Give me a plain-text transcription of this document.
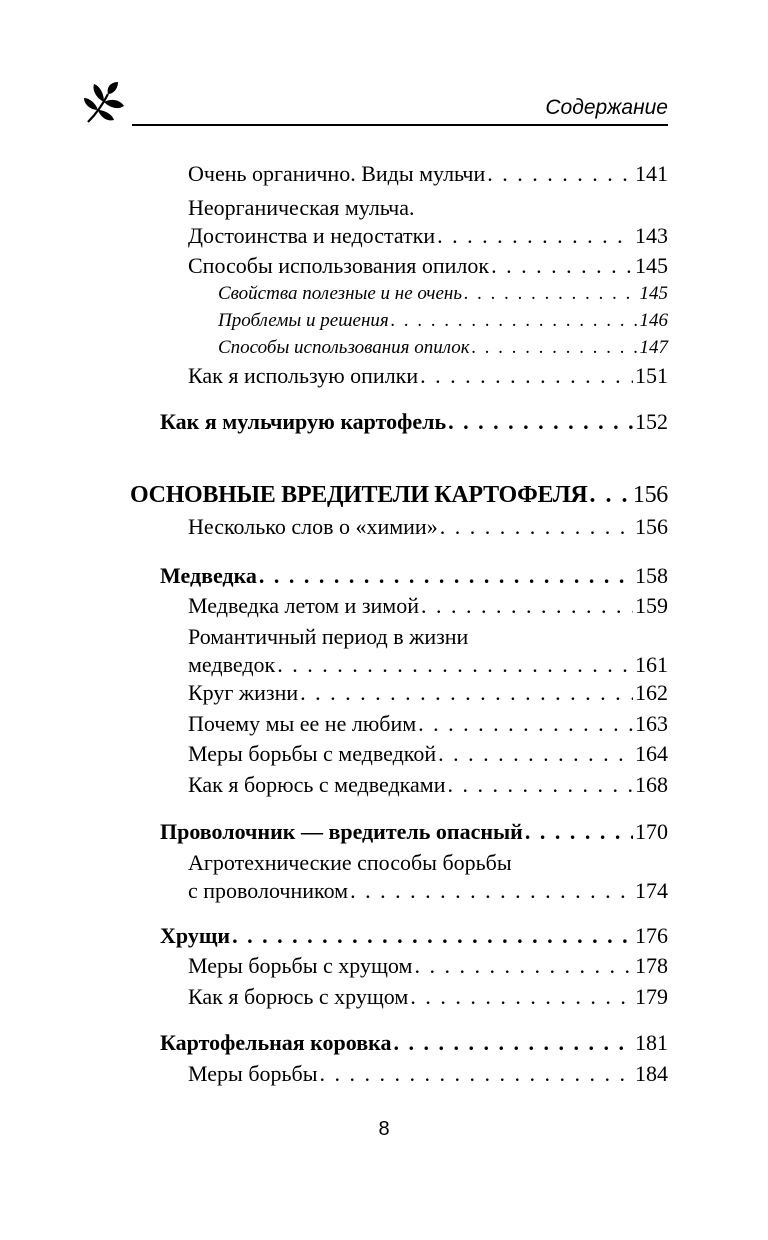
Содержание
Очень органично. Виды мульчи . . .	141
Неорганическая мульча.
Достоинства и недостатки . . .	143
Способы использования опилок . . .	145
Свойства полезные и не очень . . .	145
Проблемы и решения . . .	146
Способы использования опилок . . .	147
Как я использую опилки . . .	151
Как я мульчирую картофель . . .	152
ОСНОВНЫЕ ВРЕДИТЕЛИ КАРТОФЕЛЯ . . . 156
Несколько слов о «химии» . . .	156
Медведка . . .	158
Медведка летом и зимой . . .	159
Романтичный период в жизни
медведок . . .	161
Круг жизни . . .	162
Почему мы ее не любим . . .	163
Меры борьбы с медведкой . . .	164
Как я борюсь с медведками . . .	168
Проволочник — вредитель опасный . . .	170
Агротехнические способы борьбы
с проволочником . . .	174
Хрущи . . .	176
Меры борьбы с хрущом . . .	178
Как я борюсь с хрущом . . .	179
Картофельная коровка . . .	181
Меры борьбы . . .	184
8
